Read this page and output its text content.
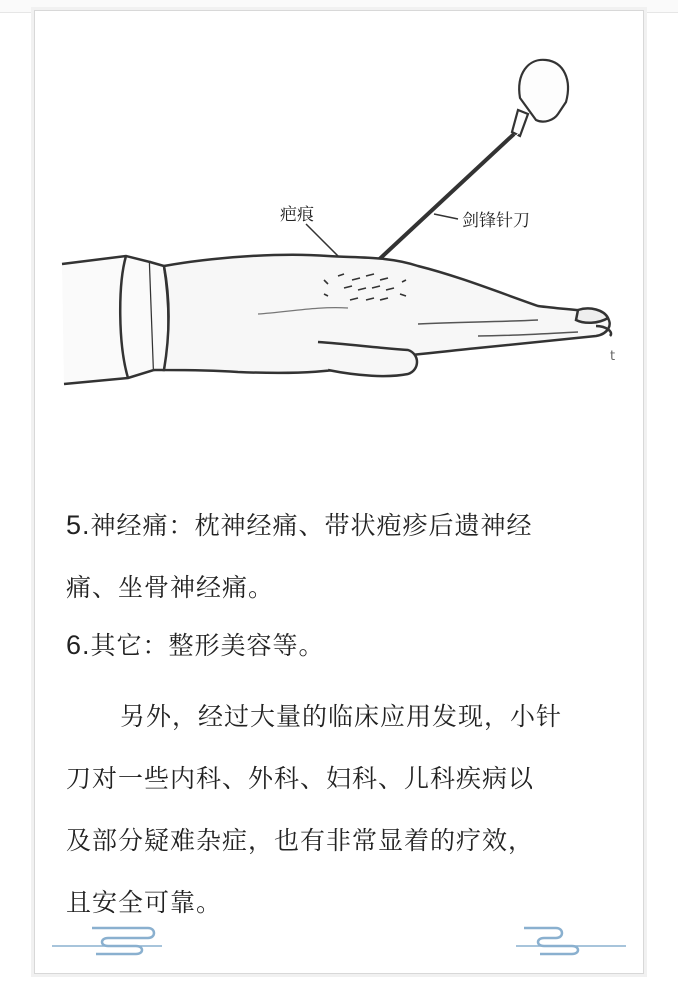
疤痕	剑锋针刀
t
5.神经痛：枕神经痛、带状疱疹后遗神经
痛、坐骨神经痛。
6.其它：整形美容等。
另外，经过大量的临床应用发现，小针
刀对一些内科、外科、妇科、儿科疾病以
及部分疑难杂症，也有非常显着的疗效，
且安全可靠。
